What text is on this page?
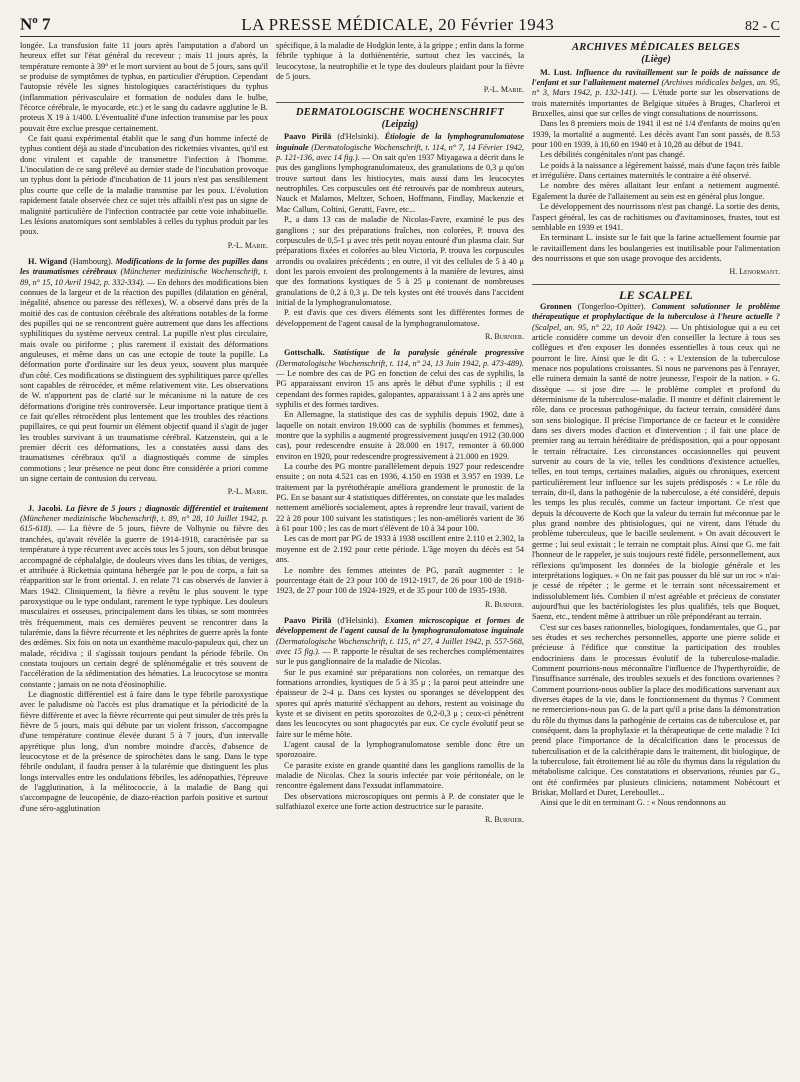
$N^o$ 7	LA PRESSE MÉDICALE, 20 Février 1943	82 - C

longée. La transfusion faite 11 jours après l'amputation a d'abord un heureux effet sur l'état général du receveur ; mais 11 jours après, la température remonte à 39° et le mort survient au bout de 5 jours, sans qu'il se produise de symptômes de typhus, en particulier d'éruption. Cependant l'autopsie révèle les signes histologiques caractéristiques du typhus (inflammation périvasculaire et formation de nodules dans le bulbe, l'écorce cérébrale, le myocarde, etc.) et le sang du cadavre agglutine le B. proteus X 19 à 1/400. L'éventualité d'une infection transmise par les poux pouvait être exclue presque certainement.

Ce fait quasi expérimental établit que le sang d'un homme infecté de typhus contient déjà au stade d'incubation des rickettsies vivantes, qu'il est donc virulent et capable de transmettre l'infection à l'homme. L'inoculation de ce sang prélevé au dernier stade de l'incubation provoque un typhus dont la période d'incubation de 11 jours n'est pas sensiblement plus courte que celle de la maladie transmise par les poux. L'évolution rapidement fatale observée chez ce sujet très affaibli n'est pas un signe de malignité particulière de l'infection contractée par cette voie inhabituelle. Les lésions anatomiques sont semblables à celles du typhus produit par les poux.

P.-L. Marie.

H. Wigand (Hambourg). Modifications de la forme des pupilles dans les traumatismes cérébraux (Münchener medizinische Wochenschrift, t. 89, n° 15, 10 Avril 1942, p. 332-334). — En dehors des modifications bien connues de la largeur et de la réaction des pupilles (dilatation en général, inégalité, absence ou paresse des réflexes), W. a observé dans près de la moitié des cas de contusion cérébrale des altérations notables de la forme des pupilles qui ne se rencontrent guère autrement que dans les affections syphilitiques du système nerveux central. La pupille n'est plus circulaire, mais ovale ou piriforme ; plus rarement il existait des déformations anguleuses, et même dans un cas une ectopie de toute la pupille. La déformation porte d'ordinaire sur les deux yeux, souvent plus marquée d'un côté. Ces modifications se distinguent des syphilitiques parce qu'elles sont capables de rétrocéder, et même relativement vite. Les observations de W. n'apportent pas de clarté sur le mécanisme ni la nature de ces déformations d'origine très controversée. Leur importance pratique tient à ce fait qu'elles rétrocèdent plus lentement que les troubles des réactions pupillaires, ce qui peut fournir un élément objectif quand il s'agit de juger les troubles survivant à un traumatisme cérébral. Katzenstein, qui a le premier décrit ces déformations, les a constatées aussi dans des traumatismes cérébraux qu'il a diagnostiqués comme de simples commotions ; leur présence ne peut donc être considérée a priori comme un signe certain de contusion du cerveau.

P.-L. Marie.

J. Jacobi. La fièvre de 5 jours ; diagnostic différentiel et traitement (Münchener medizinische Wochenschrift, t. 89, n° 28, 10 Juillet 1942, p. 615-618). — La fièvre de 5 jours, fièvre de Volhynie ou fièvre des tranchées, qu'avait révélée la guerre de 1914-1918, caractérisée par sa température à type récurrent avec accès tous les 5 jours, son début brusque accompagné de céphalalgie, de douleurs vives dans les tibias, de vertiges, et attribuée à Rickettsia quintana hébergée par le pou de corps, a fait sa réapparition sur le front oriental. J. en relate 71 cas observés de Janvier à Mars 1942. Cliniquement, la fièvre a revêtu le plus souvent le type paroxystique ou le type ondulant, rarement le type typhique. Les douleurs musculaires et osseuses, principalement dans les tibias, se sont montrées très fréquemment, mais ces dernières peuvent se rencontrer dans la tularémie, dans la fièvre récurrente et les néphrites de guerre après la fonte des œdèmes. Six fois on nota un exanthème maculo-papuleux qui, chez un malade, récidiva ; il s'agissait toujours pendant la période fébrile. On constata toujours un certain degré de splénomégalie et très souvent de l'accélération de la sédimentation des hématies. La leucocytose se montra constante ; jamais on ne nota d'éosinophilie.

Le diagnostic différentiel est à faire dans le type fébrile paroxystique avec le paludisme où l'accès est plus dramatique et la périodicité de la fièvre différente et avec la fièvre récurrente qui peut simuler de très près la fièvre de 5 jours, mais qui débute par un violent frisson, s'accompagne d'une température continue élevée durant 5 à 7 jours, d'un intervalle apyrétique plus long, d'un nombre moindre d'accès, d'absence de leucocytose et de la présence de spirochètes dans le sang. Dans le type fébrile ondulant, il faudra penser à la tularémie que distinguent les plus longs intervalles entre les ondulations fébriles, les adénopathies, l'épreuve de l'agglutination, à la mélitococcie, à la maladie de Bang qui s'accompagne de leucopénie, de diazo-réaction parfois positive et surtout d'une séro-agglutination

spécifique, à la maladie de Hodgkin lente, à la grippe ; enfin dans la forme fébrile typhique à la dothiénentérie, surtout chez les vaccinés, la leucocytose, la neutrophilie et le type des douleurs plaidant pour la fièvre de 5 jours.

P.-L. Marie.
DERMATOLOGISCHE WOCHENSCHRIFT
(Leipzig)

Paavo Pirilä (d'Helsinki). Étiologie de la lymphogranulomatose inguinale (Dermatologische Wochenschrift, t. 114, n° 7, 14 Février 1942, p. 121-136, avec 14 fig.). — On sait qu'en 1937 Miyagawa a décrit dans le pus des ganglions lymphogranulomateux, des granulations de 0,3 μ qu'on trouve surtout dans les histiocytes, mais aussi dans les leucocytes neutrophiles. Ces corpuscules ont été retrouvés par de nombreux auteurs, Nauck et Malamos, Meltzer, Schoen, Hoffmann, Findlay, Mackenzie et Mac Callum, Coltini, Gerutti, Favre, etc...

P., a dans 13 cas de maladie de Nicolas-Favre, examiné le pus des ganglions ; sur des préparations fraîches, non colorées, P. trouva des corpuscules de 0,5-1 μ avec très petit noyau entouré d'un plasma clair. Sur préparations fixées et colorées au bleu Victoria, P. trouva les corpuscules arrondis ou ovalaires précédents ; en outre, il vit des cellules de 5 à 40 μ dont les parois envoient des prolongements à la manière de levures, ainsi que des formations kystiques de 5 à 25 μ contenant de nombreuses granulations de 0,2 à 0,3 μ. De tels kystes ont été trouvés dans l'accident initial de la lymphogranulomatose.

P. est d'avis que ces divers éléments sont les différentes formes de développement de l'agent causal de la lymphogranulomatose.

R. Burnier.

Gottschalk. Statistique de la paralysie générale progressive (Dermatologische Wochenschrift, t. 114, n° 24, 13 Juin 1942, p. 473-489). — Le nombre des cas de PG en fonction de celui des cas de syphilis, la PG apparaissant environ 15 ans après le début d'une syphilis ; il est cependant des formes rapides, galopantes, apparaissant 1 à 2 ans après une syphilis et des formes tardives.

En Allemagne, la statistique des cas de syphilis depuis 1902, date à laquelle on notait environ 19.000 cas de syphilis (hommes et femmes), montre que la syphilis a augmenté progressivement jusqu'en 1912 (30.000 cas), pour redescendre ensuite à 28.000 en 1917, remonter à 60.000 environ en 1920, pour redescendre progressivement à 21.000 en 1929.

La courbe des PG montre parallèlement depuis 1927 pour redescendre ensuite ; on nota 4.521 cas en 1936, 4.150 en 1938 et 3.957 en 1939. Le traitement par la pyrétothérapie améliora grandement le pronostic de la PG. En se basant sur 4 statistiques différentes, on constate que les malades nettement améliorés socialement, aptes à reprendre leur travail, varient de 22 à 28 pour 100 suivant les statistiques ; les non-améliorés varient de 36 à 61 pour 100 ; les cas de mort s'élèvent de 10 à 34 pour 100.

Les cas de mort par PG de 1933 à 1938 oscillent entre 2.110 et 2.302, la moyenne est de 2.192 pour cette période. L'âge moyen du décès est 54 ans.

Le nombre des femmes atteintes de PG, paraît augmenter : le pourcentage était de 23 pour 100 de 1912-1917, de 26 pour 100 de 1918-1923, de 27 pour 100 de 1924-1929, et de 35 pour 100 de 1935-1938.

R. Burnier.

Paavo Pirilä (d'Helsinki). Examen microscopique et formes de développement de l'agent causal de la lymphogranulomatose inguinale (Dermatologische Wochenschrift, t. 115, n° 27, 4 Juillet 1942, p. 557-568, avec 15 fig.). — P. rapporte le résultat de ses recherches complémentaires sur le pus ganglionnaire de la maladie de Nicolas.

Sur le pus examiné sur préparations non colorées, on remarque des formations arrondies, kystiques de 5 à 35 μ ; la paroi peut atteindre une épaisseur de 2-4 μ. Dans ces kystes ou sporanges se développent des spores qui après maturité s'échappent au dehors, restent au voisinage du kyste et se divisent en petits sporozoïtes de 0,2-0,3 μ ; ceux-ci pénètrent dans les leucocytes ou sont phagocytés par eux. Ce cycle évolutif peut se faire sur le même hôte.

L'agent causal de la lymphogranulomatose semble donc être un sporozoaire.

Ce parasite existe en grande quantité dans les ganglions ramollis de la maladie de Nicolas. Chez la souris infectée par voie péritonéale, on le rencontre également dans l'exsudat inflammatoire.

Des observations microscopiques ont permis à P. de constater que le sulfathiazol exerce une forte action destructrice sur le parasite.

R. Burnier.
ARCHIVES MÉDICALES BELGES
(Liège)

M. Lust. Influence du ravitaillement sur le poids de naissance de l'enfant et sur l'allaitement maternel (Archives médicales belges, an. 95, n° 3, Mars 1942, p. 132-141). — L'étude porte sur les observations de trois maternités importantes de Belgique situées à Bruges, Charleroi et Bruxelles, ainsi que sur celles de vingt consultations de nourrissons.

Dans les 8 premiers mois de 1941 il est né 1/4 d'enfants de moins qu'en 1939, la mortalité a augmenté. Les décès avant l'an sont passés, de 8.53 pour 100 en 1939, à 10,60 en 1940 et à 10,28 au début de 1941.

Les débilités congénitales n'ont pas changé.

Le poids à la naissance a légèrement baissé, mais d'une façon très faible et irrégulière. Dans certaines maternités le contraire a été observé.

Le nombre des mères allaitant leur enfant a nettement augmenté. Egalement la durée de l'allaitement au sein est en général plus longue.

Le développement des nourrissons n'est pas changé. La sortie des dents, l'aspect général, les cas de rachitismes ou d'avitaminoses, frustes, tout est semblable en 1939 et 1941.

En terminant L. insiste sur le fait que la farine actuellement fournie par le ravitaillement dans les boulangeries est inutilisable pour l'alimentation des nourrissons et que son usage provoque des accidents.

H. Lenormant.
LE SCALPEL

Gronnen (Tongerloo-Opitter). Comment solutionner le problème thérapeutique et prophylactique de la tuberculose à l'heure actuelle ? (Scalpel, an. 95, n° 22, 10 Août 1942). — Un phtisiologue qui a eu cet article considère comme un devoir d'en conseiller la lecture à tous ses collègues et d'en exposer les données essentielles à tous ceux qui ne pourront le lire. Ainsi que le dit G. : « L'extension de la tuberculose menace nos populations croissantes. Si nous ne parvenons pas à l'enrayer, elle ruinera demain la santé de notre jeunesse, l'espoir de la nation. » G. dissèque — si jose dire — le problème complet et profond du déterminisme de la tuberculose-maladie. Il montre et définit clairement le rôle, dans ce processus pathogénique, du facteur terrain, considéré dans son sens biologique. Il précise l'importance de ce facteur et le considère dans ses divers modes d'action et d'intervention ; il fait une place de premier rang au terrain héréditaire de prédisposition, qui a pour opposant le terrain réfractaire. Les circonstances occasionnelles qui peuvent survenir au cours de la vie, telles les conditions d'existence actuelles, telles, en tout temps, certaines maladies, aiguës ou chroniques, exercent particulièrement leur influence sur les sujets prédisposés : « Le rôle du terrain, dit-il, dans la pathogénie de la tuberculose, a été considéré, depuis les temps les plus reculés, comme un facteur important. Ce n'est que depuis la découverte de Koch que la valeur du terrain fut méconnue par le plus grand nombre des phtisiologues, qui ne virent, dans l'étude du problème tuberculeux, que le bacille seulement. » On avait découvert le germe ; lui seul existait ; le terrain ne comptait plus. Ainsi que G. me fait l'honneur de le rappeler, je suis toujours resté fidèle, personnellement, aux réflexions qu'imposent les données de la biologie générale et les interprétations logiques. « On ne fait pas pousser du blé sur un roc » n'ai-je cessé de répéter ; le germe et le terrain sont nécessairement et indissolublement liés. Combien il m'est agréable et précieux de constater aujourd'hui que les bactériologistes les plus qualifiés, tels que Boquet, Saenz, etc., tendent même à attribuer un rôle prépondérant au terrain.

C'est sur ces bases rationnelles, biologiques, fondamentales, que G., par ses études et ses recherches personnelles, apporte une pierre solide et précieuse à l'édifice que constitue la participation des troubles endocriniens dans le processus évolutif de la tuberculose-maladie. Comment pourrions-nous méconnaître l'influence de l'hyperthyroïdie, de l'insuffisance surrénale, des troubles sexuels et des fonctions ovariennes ? Comment pourrions-nous oublier la place des modifications survenant aux diverses étapes de la vie, dans le fonctionnement du thymus ? Comment ne remercierions-nous pas G. de la part qu'il a prise dans la démonstration du rôle du thymus dans la pathogénie de certains cas de tuberculose et, par conséquent, dans la prophylaxie et la thérapeutique de cette maladie ? Ici prend place l'importance de la décalcification dans le processus de tuberculisation et de la calcithérapie dans le traitement, dit biologique, de la tuberculose, fait étroitement lié au rôle du thymus dans la régulation du métabolisme calcique. Ces constatations et observations, réunies par G., ont été confirmées par plusieurs cliniciens, notamment Nobécourt et Briskar, Mollard et Duret, Lereboullet...

Ainsi que le dit en terminant G. : « Nous rendonnons au
